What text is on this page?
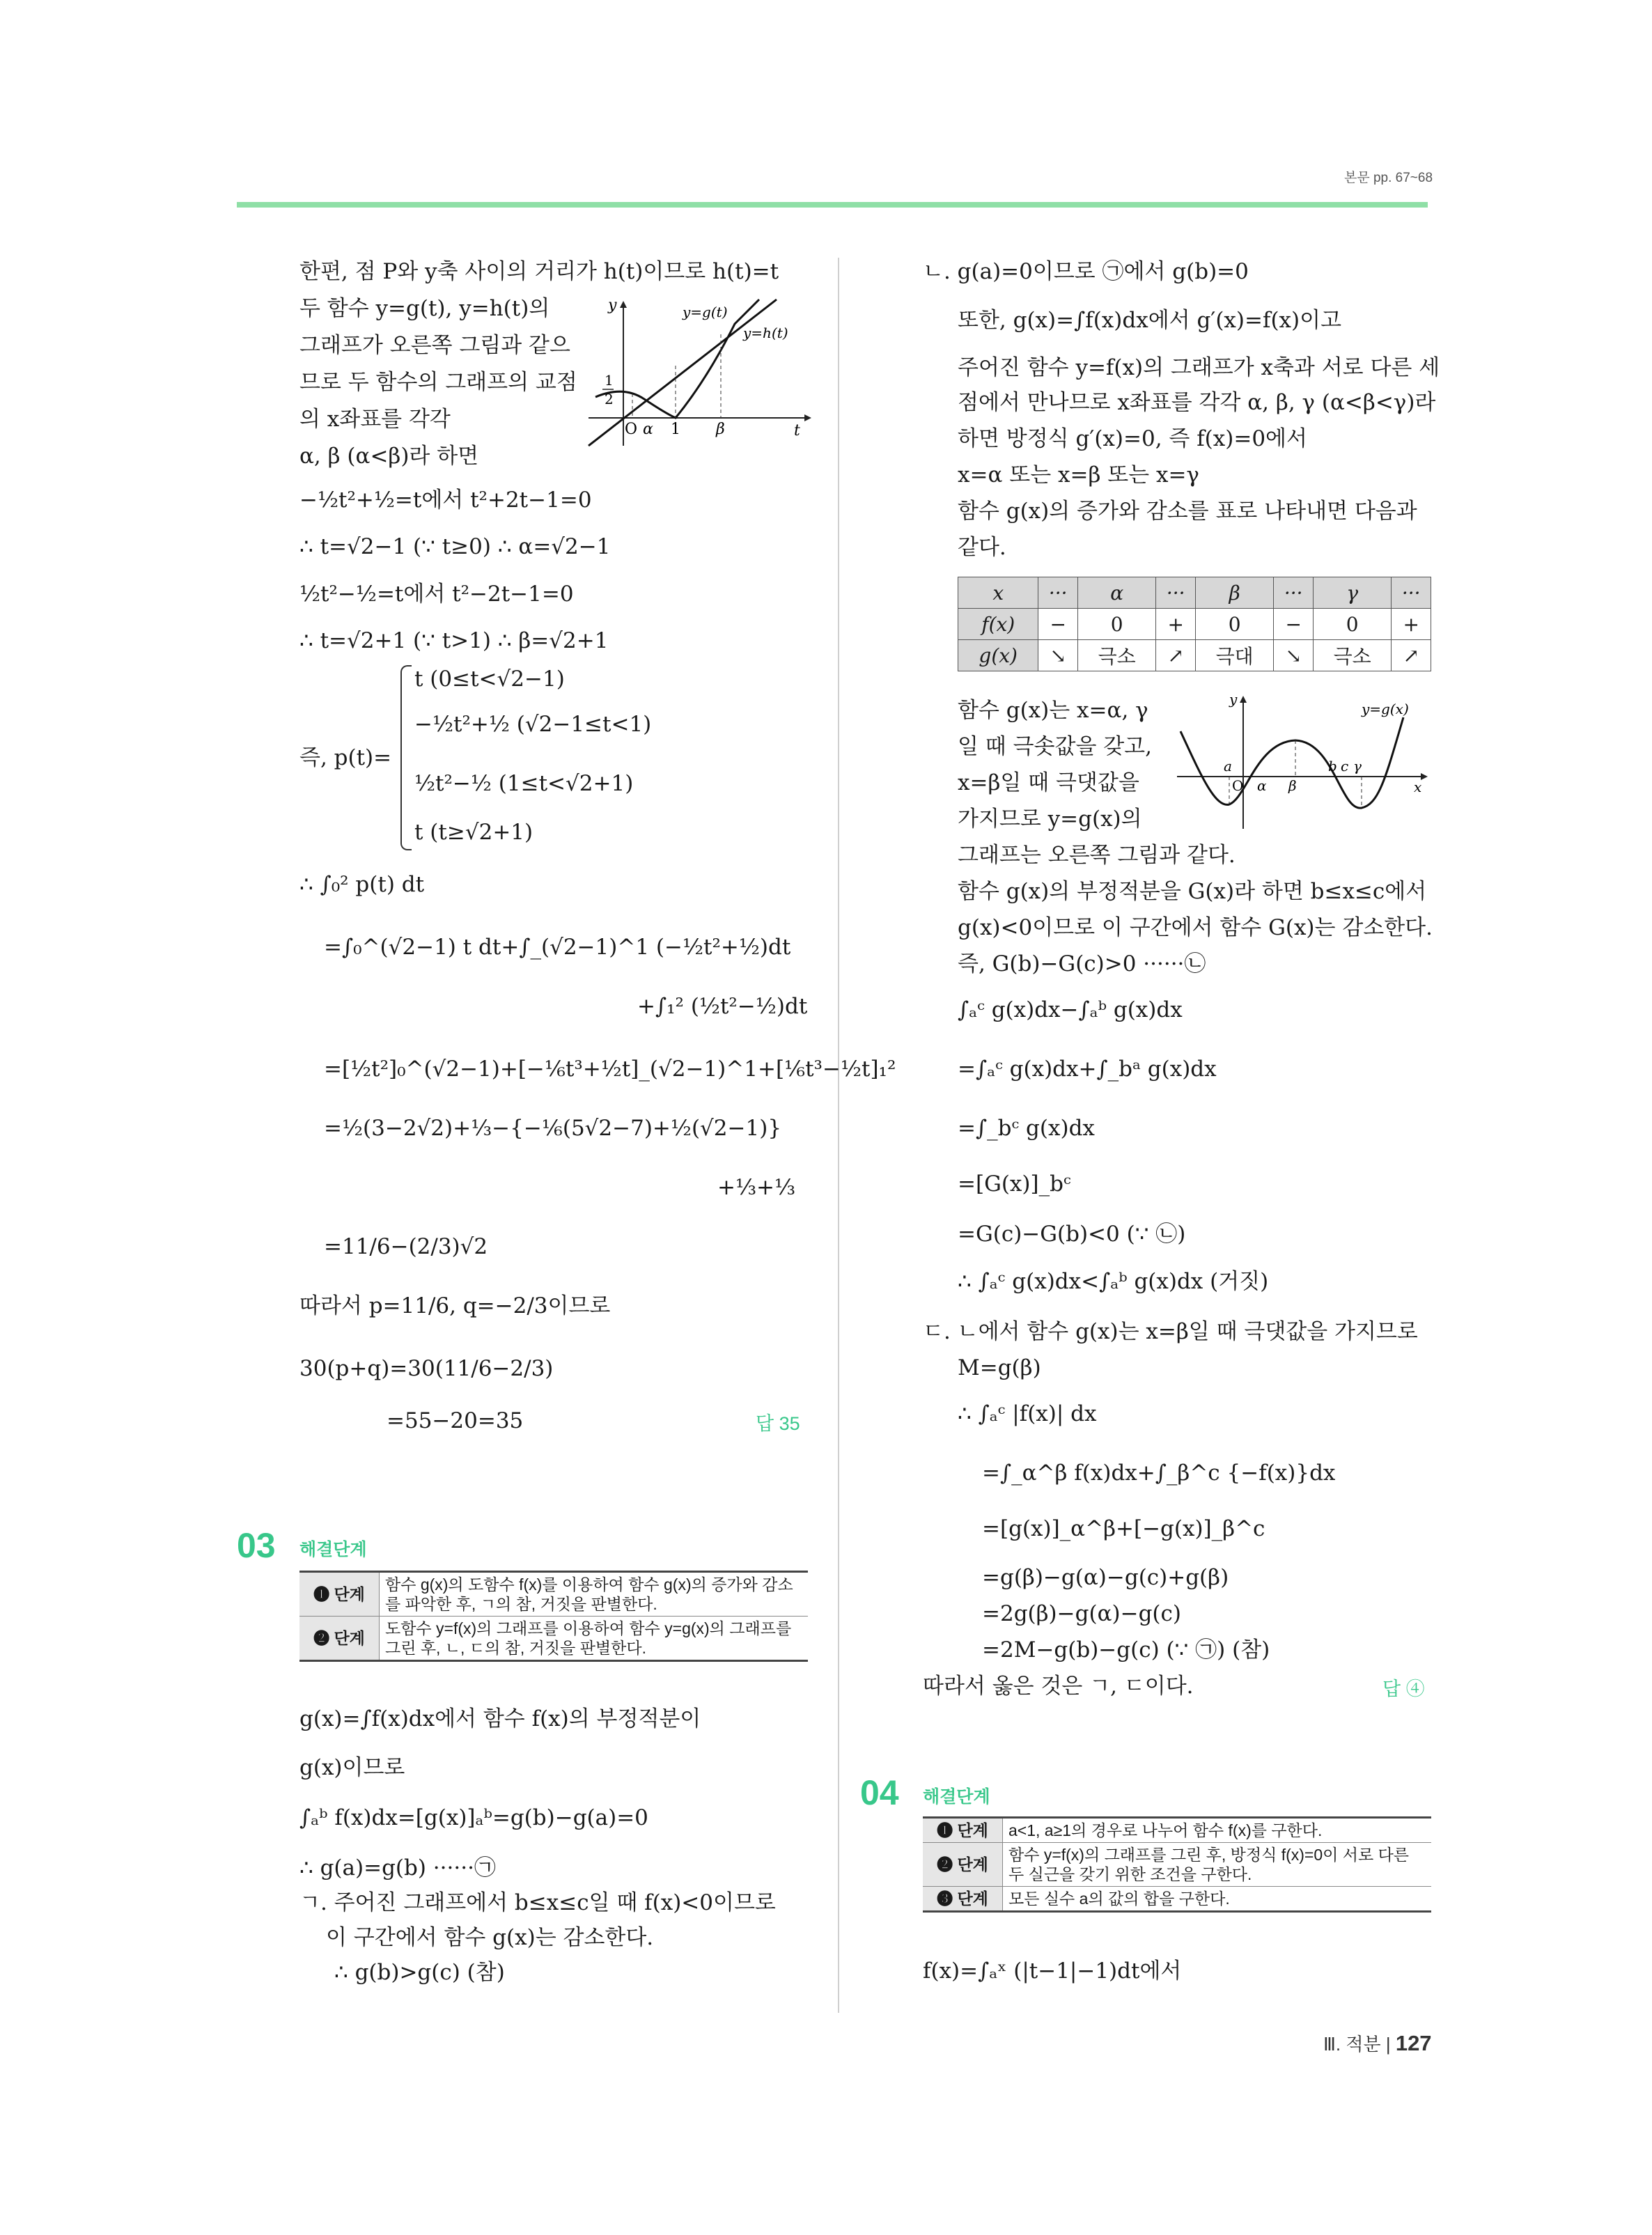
본문 pp. 67~68
한편, 점 P와 y축 사이의 거리가 h(t)이므로 h(t)=t
두 함수 y=g(t), y=h(t)의
그래프가 오른쪽 그림과 같으
므로 두 함수의 그래프의 교점
의 x좌표를 각각
α, β (α<β)라 하면
y
t
O α 1 β
1
2
y=g(t)
y=h(t)
−½t²+½=t에서 t²+2t−1=0
∴ t=√2−1 (∵ t≥0) ∴ α=√2−1
½t²−½=t에서 t²−2t−1=0
∴ t=√2+1 (∵ t>1) ∴ β=√2+1
t (0≤t<√2−1)
−½t²+½ (√2−1≤t<1)
즉, p(t)=
½t²−½ (1≤t<√2+1)
t (t≥√2+1)
∴ ∫₀² p(t) dt
=∫₀^(√2−1) t dt+∫_(√2−1)^1 (−½t²+½)dt
+∫₁² (½t²−½)dt
=[½t²]₀^(√2−1)+[−⅙t³+½t]_(√2−1)^1+[⅙t³−½t]₁²
=½(3−2√2)+⅓−{−⅙(5√2−7)+½(√2−1)}
+⅓+⅓
=11/6−(2/3)√2
따라서 p=11/6, q=−2/3이므로
30(p+q)=30(11/6−2/3)
=55−20=35	답 35
03 해결단계
❶ 단계	함수 g(x)의 도함수 f(x)를 이용하여 함수 g(x)의 증가와 감소를 파악한 후, ㄱ의 참, 거짓을 판별한다.
❷ 단계	도함수 y=f(x)의 그래프를 이용하여 함수 y=g(x)의 그래프를 그린 후, ㄴ, ㄷ의 참, 거짓을 판별한다.
g(x)=∫f(x)dx에서 함수 f(x)의 부정적분이
g(x)이므로
∫ₐᵇ f(x)dx=[g(x)]ₐᵇ=g(b)−g(a)=0
∴ g(a)=g(b) ······㉠
ㄱ. 주어진 그래프에서 b≤x≤c일 때 f(x)<0이므로
이 구간에서 함수 g(x)는 감소한다.
∴ g(b)>g(c) (참)
ㄴ. g(a)=0이므로 ㉠에서 g(b)=0
또한, g(x)=∫f(x)dx에서 g′(x)=f(x)이고
주어진 함수 y=f(x)의 그래프가 x축과 서로 다른 세
점에서 만나므로 x좌표를 각각 α, β, γ (α<β<γ)라
하면 방정식 g′(x)=0, 즉 f(x)=0에서
x=α 또는 x=β 또는 x=γ
함수 g(x)의 증가와 감소를 표로 나타내면 다음과
같다.
x	···	α	···	β	···	γ	···
f(x)	−	0	+	0	−	0	+
g(x)	↘	극소	↗	극대	↘	극소	↗
함수 g(x)는 x=α, γ
일 때 극솟값을 갖고,
x=β일 때 극댓값을
가지므로 y=g(x)의
그래프는 오른쪽 그림과 같다.
y
x
O
a
α β
b c γ
y=g(x)
함수 g(x)의 부정적분을 G(x)라 하면 b≤x≤c에서
g(x)<0이므로 이 구간에서 함수 G(x)는 감소한다.
즉, G(b)−G(c)>0 ······㉡
∫ₐᶜ g(x)dx−∫ₐᵇ g(x)dx
=∫ₐᶜ g(x)dx+∫_bᵃ g(x)dx
=∫_bᶜ g(x)dx
=[G(x)]_bᶜ
=G(c)−G(b)<0 (∵ ㉡)
∴ ∫ₐᶜ g(x)dx<∫ₐᵇ g(x)dx (거짓)
ㄷ. ㄴ에서 함수 g(x)는 x=β일 때 극댓값을 가지므로
M=g(β)
∴ ∫ₐᶜ |f(x)| dx
=∫_α^β f(x)dx+∫_β^c {−f(x)}dx
=[g(x)]_α^β+[−g(x)]_β^c
=g(β)−g(α)−g(c)+g(β)
=2g(β)−g(α)−g(c)
=2M−g(b)−g(c) (∵ ㉠) (참)
따라서 옳은 것은 ㄱ, ㄷ이다.	답 ④
04 해결단계
❶ 단계	a<1, a≥1의 경우로 나누어 함수 f(x)를 구한다.
❷ 단계	함수 y=f(x)의 그래프를 그린 후, 방정식 f(x)=0이 서로 다른 두 실근을 갖기 위한 조건을 구한다.
❸ 단계	모든 실수 a의 값의 합을 구한다.
f(x)=∫ₐˣ (|t−1|−1)dt에서
Ⅲ. 적분 | 127
